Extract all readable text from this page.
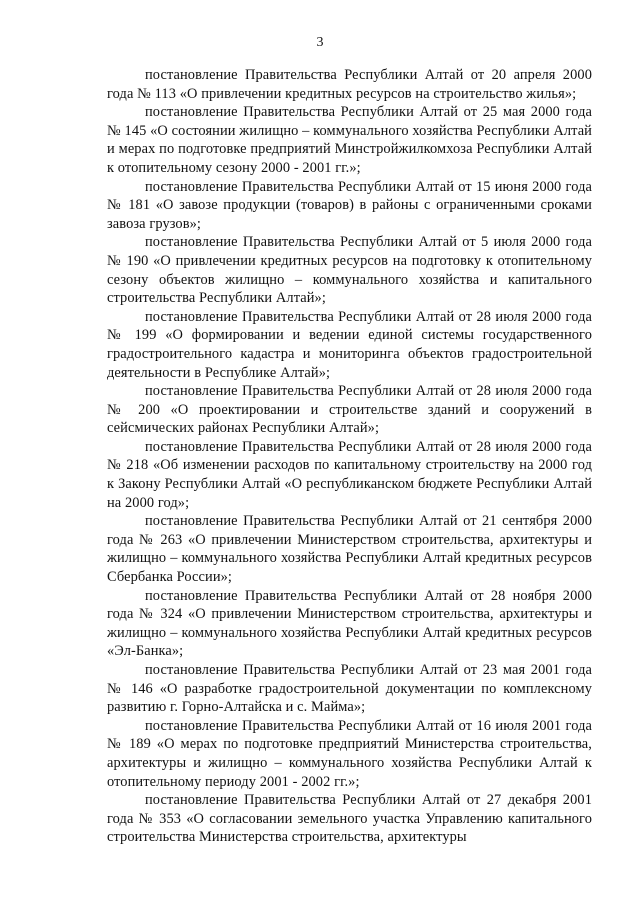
3

постановление Правительства Республики Алтай от 20 апреля 2000 года № 113 «О привлечении кредитных ресурсов на строительство жилья»;

постановление Правительства Республики Алтай от 25 мая 2000 года № 145 «О состоянии жилищно – коммунального хозяйства Республики Алтай и мерах по подготовке предприятий Минстройжилкомхоза Республики Алтай к отопительному сезону 2000 - 2001 гг.»;

постановление Правительства Республики Алтай от 15 июня 2000 года № 181 «О завозе продукции (товаров) в районы с ограниченными сроками завоза грузов»;

постановление Правительства Республики Алтай от 5 июля 2000 года № 190 «О привлечении кредитных ресурсов на подготовку к отопительному сезону объектов жилищно – коммунального хозяйства и капитального строительства Республики Алтай»;

постановление Правительства Республики Алтай от 28 июля 2000 года № 199 «О формировании и ведении единой системы государственного градостроительного кадастра и мониторинга объектов градостроительной деятельности в Республике Алтай»;

постановление Правительства Республики Алтай от 28 июля 2000 года № 200 «О проектировании и строительстве зданий и сооружений в сейсмических районах Республики Алтай»;

постановление Правительства Республики Алтай от 28 июля 2000 года № 218 «Об изменении расходов по капитальному строительству на 2000 год к Закону Республики Алтай «О республиканском бюджете Республики Алтай на 2000 год»;

постановление Правительства Республики Алтай от 21 сентября 2000 года № 263 «О привлечении Министерством строительства, архитектуры и жилищно – коммунального хозяйства Республики Алтай кредитных ресурсов Сбербанка России»;

постановление Правительства Республики Алтай от 28 ноября 2000 года № 324 «О привлечении Министерством строительства, архитектуры и жилищно – коммунального хозяйства Республики Алтай кредитных ресурсов «Эл-Банка»;

постановление Правительства Республики Алтай от 23 мая 2001 года № 146 «О разработке градостроительной документации по комплексному развитию г. Горно-Алтайска и с. Майма»;

постановление Правительства Республики Алтай от 16 июля 2001 года № 189 «О мерах по подготовке предприятий Министерства строительства, архитектуры и жилищно – коммунального хозяйства Республики Алтай к отопительному периоду 2001 - 2002 гг.»;

постановление Правительства Республики Алтай от 27 декабря 2001 года № 353 «О согласовании земельного участка Управлению капитального строительства Министерства строительства, архитектуры
